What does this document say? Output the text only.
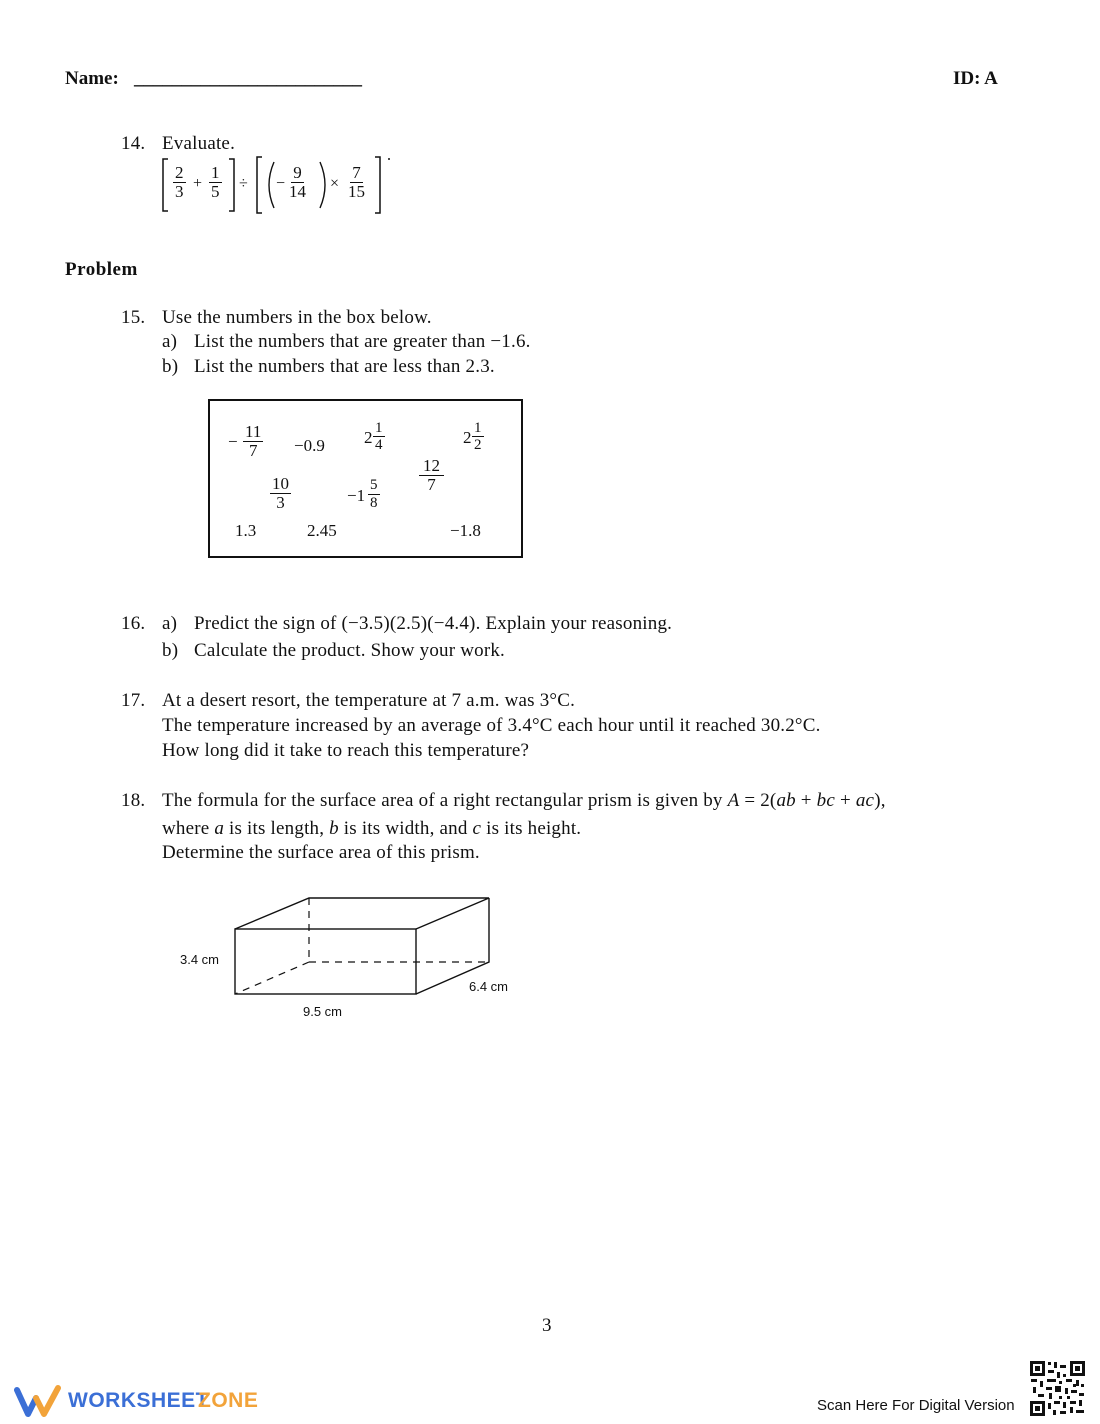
Name: ________________________	ID: A
14. Evaluate.
$\frac{2}{3} + \frac{1}{5}$ ÷ − $\frac{9}{14} \times \frac{7}{15}$
Problem
15. Use the numbers in the box below.
a) List the numbers that are greater than −1.6.
b) List the numbers that are less than 2.3.
− $\frac{11}{7} -0.9$ $2 \frac{1}{4}$	$2 \frac{1}{2}$
$\frac{12}{7}$
$\frac{10}{3}$	$-1 \frac{5}{8}$
1.3	2.45	−1.8
16. a) Predict the sign of (−3.5)(2.5)(−4.4). Explain your reasoning.
b) Calculate the product. Show your work.
17. At a desert resort, the temperature at 7 a.m. was 3°C.
The temperature increased by an average of 3.4°C each hour until it reached 30.2°C.
How long did it take to reach this temperature?
18. The formula for the surface area of a right rectangular prism is given by A = 2(ab + bc + ac),
where a is its length, b is its width, and c is its height.
Determine the surface area of this prism.
3.4 cm
9.5 cm
6.4 cm
3
WORKSHEET
ZONE	Scan Here For Digital Version
